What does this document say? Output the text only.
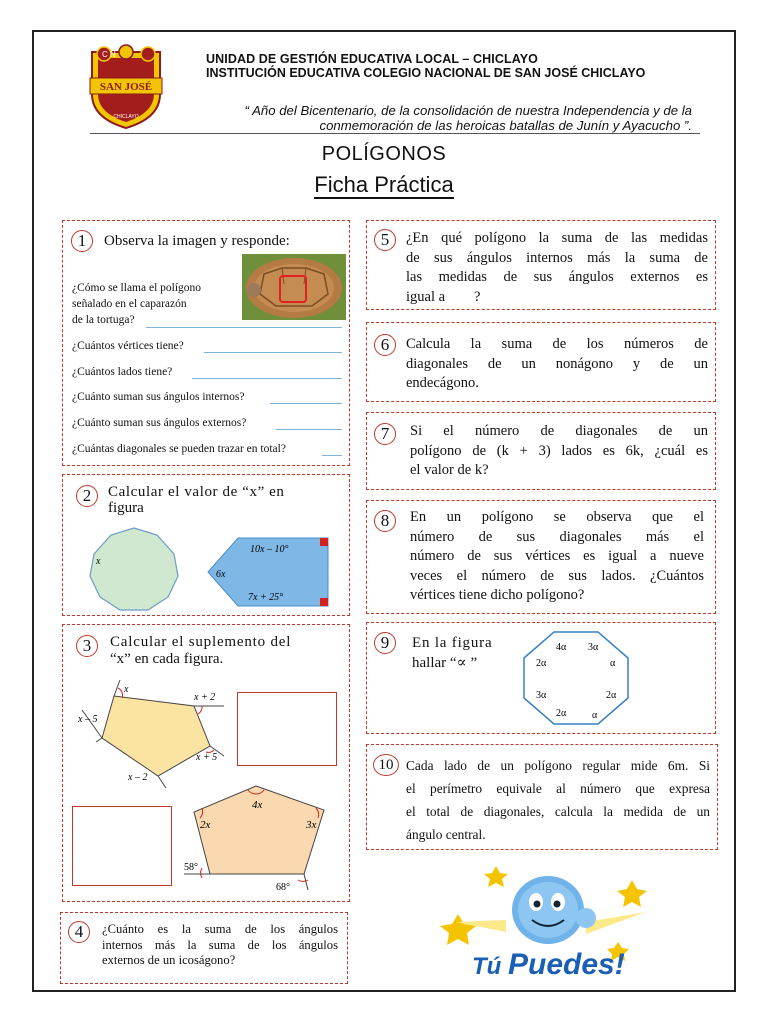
C N
SAN JOSÉ
CHICLAYO
UNIDAD DE GESTIÓN EDUCATIVA LOCAL – CHICLAYO
INSTITUCIÓN EDUCATIVA COLEGIO NACIONAL DE SAN JOSÉ CHICLAYO
“ Año del Bicentenario, de la consolidación de nuestra Independencia y de la
conmemoración de las heroicas batallas de Junín y Ayacucho ”.
POLÍGONOS
Ficha Práctica
1	Observa la imagen y responde:
¿Cómo se llama el polígono
señalado en el caparazón
de la tortuga?
¿Cuántos vértices tiene?
¿Cuántos lados tiene?
¿Cuánto suman sus ángulos internos?
¿Cuánto suman sus ángulos externos?
¿Cuántas diagonales se pueden trazar en total?
2	Calcular el valor de “x” en
figura
x
10x – 10°
6x
7x + 25°
3	Calcular el suplemento del
“x” en cada figura.
x
x + 2
x – 5
x + 5
x – 2
4x
2x	3x
58°
68°
4	¿Cuánto es la suma de los ángulos
internos más la suma de los ángulos
externos de un icoságono?
5	¿En qué polígono la suma de las medidas
de sus ángulos internos más la suma de
las medidas de sus ángulos externos es
igual a        ?
6	Calcula la suma de los números de
diagonales de un nonágono y de un
endecágono.
7	Si el número de diagonales de un
polígono de (k + 3) lados es 6k, ¿cuál es
el valor de k?
8	En un polígono se observa que el
número de sus diagonales más el
número de sus vértices es igual a nueve
veces el número de sus lados. ¿Cuántos
vértices tiene dicho polígono?
9	En la figura
hallar “∝ ”
4α 3α
α
2α
α
2α
3α
2α
10 Cada lado de un polígono regular mide 6m. Si
el perímetro equivale al número que expresa
el total de diagonales, calcula la medida de un
ángulo central.
Tú Puedes!
